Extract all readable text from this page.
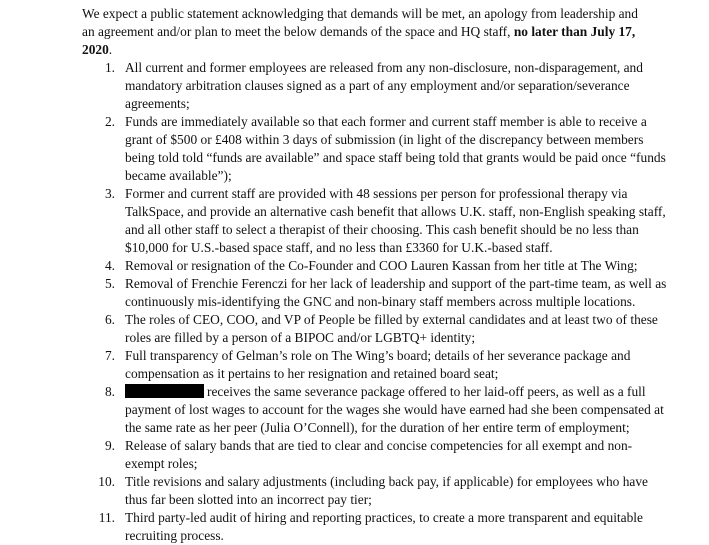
We expect a public statement acknowledging that demands will be met, an apology from leadership and an agreement and/or plan to meet the below demands of the space and HQ staff, no later than July 17, 2020.

1. All current and former employees are released from any non-disclosure, non-disparagement, and mandatory arbitration clauses signed as a part of any employment and/or separation/severance agreements;
2. Funds are immediately available so that each former and current staff member is able to receive a grant of $500 or £408 within 3 days of submission (in light of the discrepancy between members being told told “funds are available” and space staff being told that grants would be paid once “funds became available”);
3. Former and current staff are provided with 48 sessions per person for professional therapy via TalkSpace, and provide an alternative cash benefit that allows U.K. staff, non-English speaking staff, and all other staff to select a therapist of their choosing. This cash benefit should be no less than $10,000 for U.S.-based space staff, and no less than £3360 for U.K.-based staff.
4. Removal or resignation of the Co-Founder and COO Lauren Kassan from her title at The Wing;
5. Removal of Frenchie Ferenczi for her lack of leadership and support of the part-time team, as well as continuously mis-identifying the GNC and non-binary staff members across multiple locations.
6. The roles of CEO, COO, and VP of People be filled by external candidates and at least two of these roles are filled by a person of a BIPOC and/or LGBTQ+ identity;
7. Full transparency of Gelman’s role on The Wing’s board; details of her severance package and compensation as it pertains to her resignation and retained board seat;
8.	receives the same severance package offered to her laid-off peers, as well as a full payment of lost wages to account for the wages she would have earned had she been compensated at the same rate as her peer (Julia O’Connell), for the duration of her entire term of employment;
9. Release of salary bands that are tied to clear and concise competencies for all exempt and non-exempt roles;
10. Title revisions and salary adjustments (including back pay, if applicable) for employees who have thus far been slotted into an incorrect pay tier;
11. Third party-led audit of hiring and reporting practices, to create a more transparent and equitable recruiting process.
